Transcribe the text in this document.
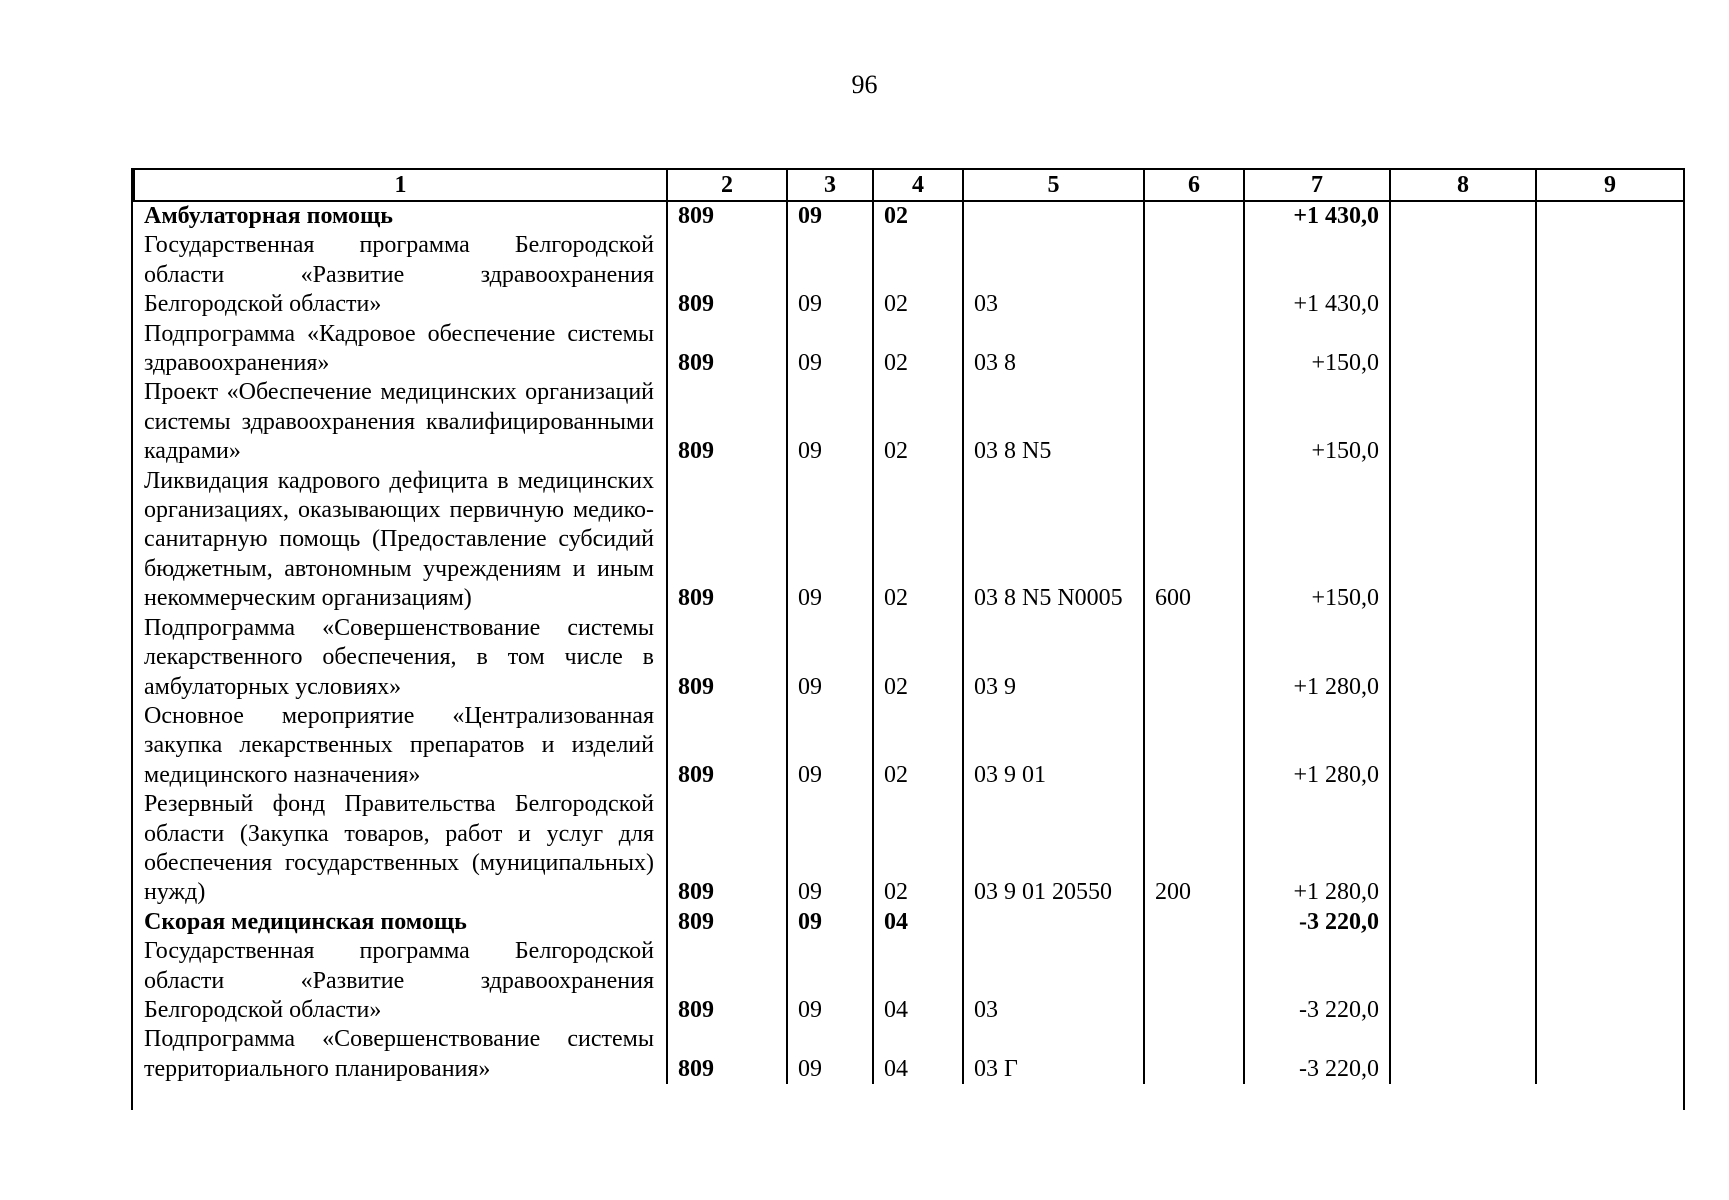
96
1	2	3	4	5	6	7	8	9
Амбулаторная помощь	809	09	02			+1 430,0		
Государственная программа Белгородской области «Развитие здравоохранения Белгородской области»	809	09	02	03		+1 430,0		
Подпрограмма «Кадровое обеспечение системы здравоохранения»	809	09	02	03 8		+150,0		
Проект «Обеспечение медицинских организаций системы здравоохранения квалифицированными кадрами»	809	09	02	03 8 N5		+150,0		
Ликвидация кадрового дефицита в медицинских организациях, оказывающих первичную медико-санитарную помощь (Предоставление субсидий бюджетным, автономным учреждениям и иным некоммерческим организациям)	809	09	02	03 8 N5 N0005	600	+150,0		
Подпрограмма «Совершенствование системы лекарственного обеспечения, в том числе в амбулаторных условиях»	809	09	02	03 9		+1 280,0		
Основное мероприятие «Централизованная закупка лекарственных препаратов и изделий медицинского назначения»	809	09	02	03 9 01		+1 280,0		
Резервный фонд Правительства Белгородской области (Закупка товаров, работ и услуг для обеспечения государственных (муниципальных) нужд)	809	09	02	03 9 01 20550	200	+1 280,0		
Скорая медицинская помощь	809	09	04			-3 220,0		
Государственная программа Белгородской области «Развитие здравоохранения Белгородской области»	809	09	04	03		-3 220,0		
Подпрограмма «Совершенствование системы территориального планирования»	809	09	04	03 Г		-3 220,0		
